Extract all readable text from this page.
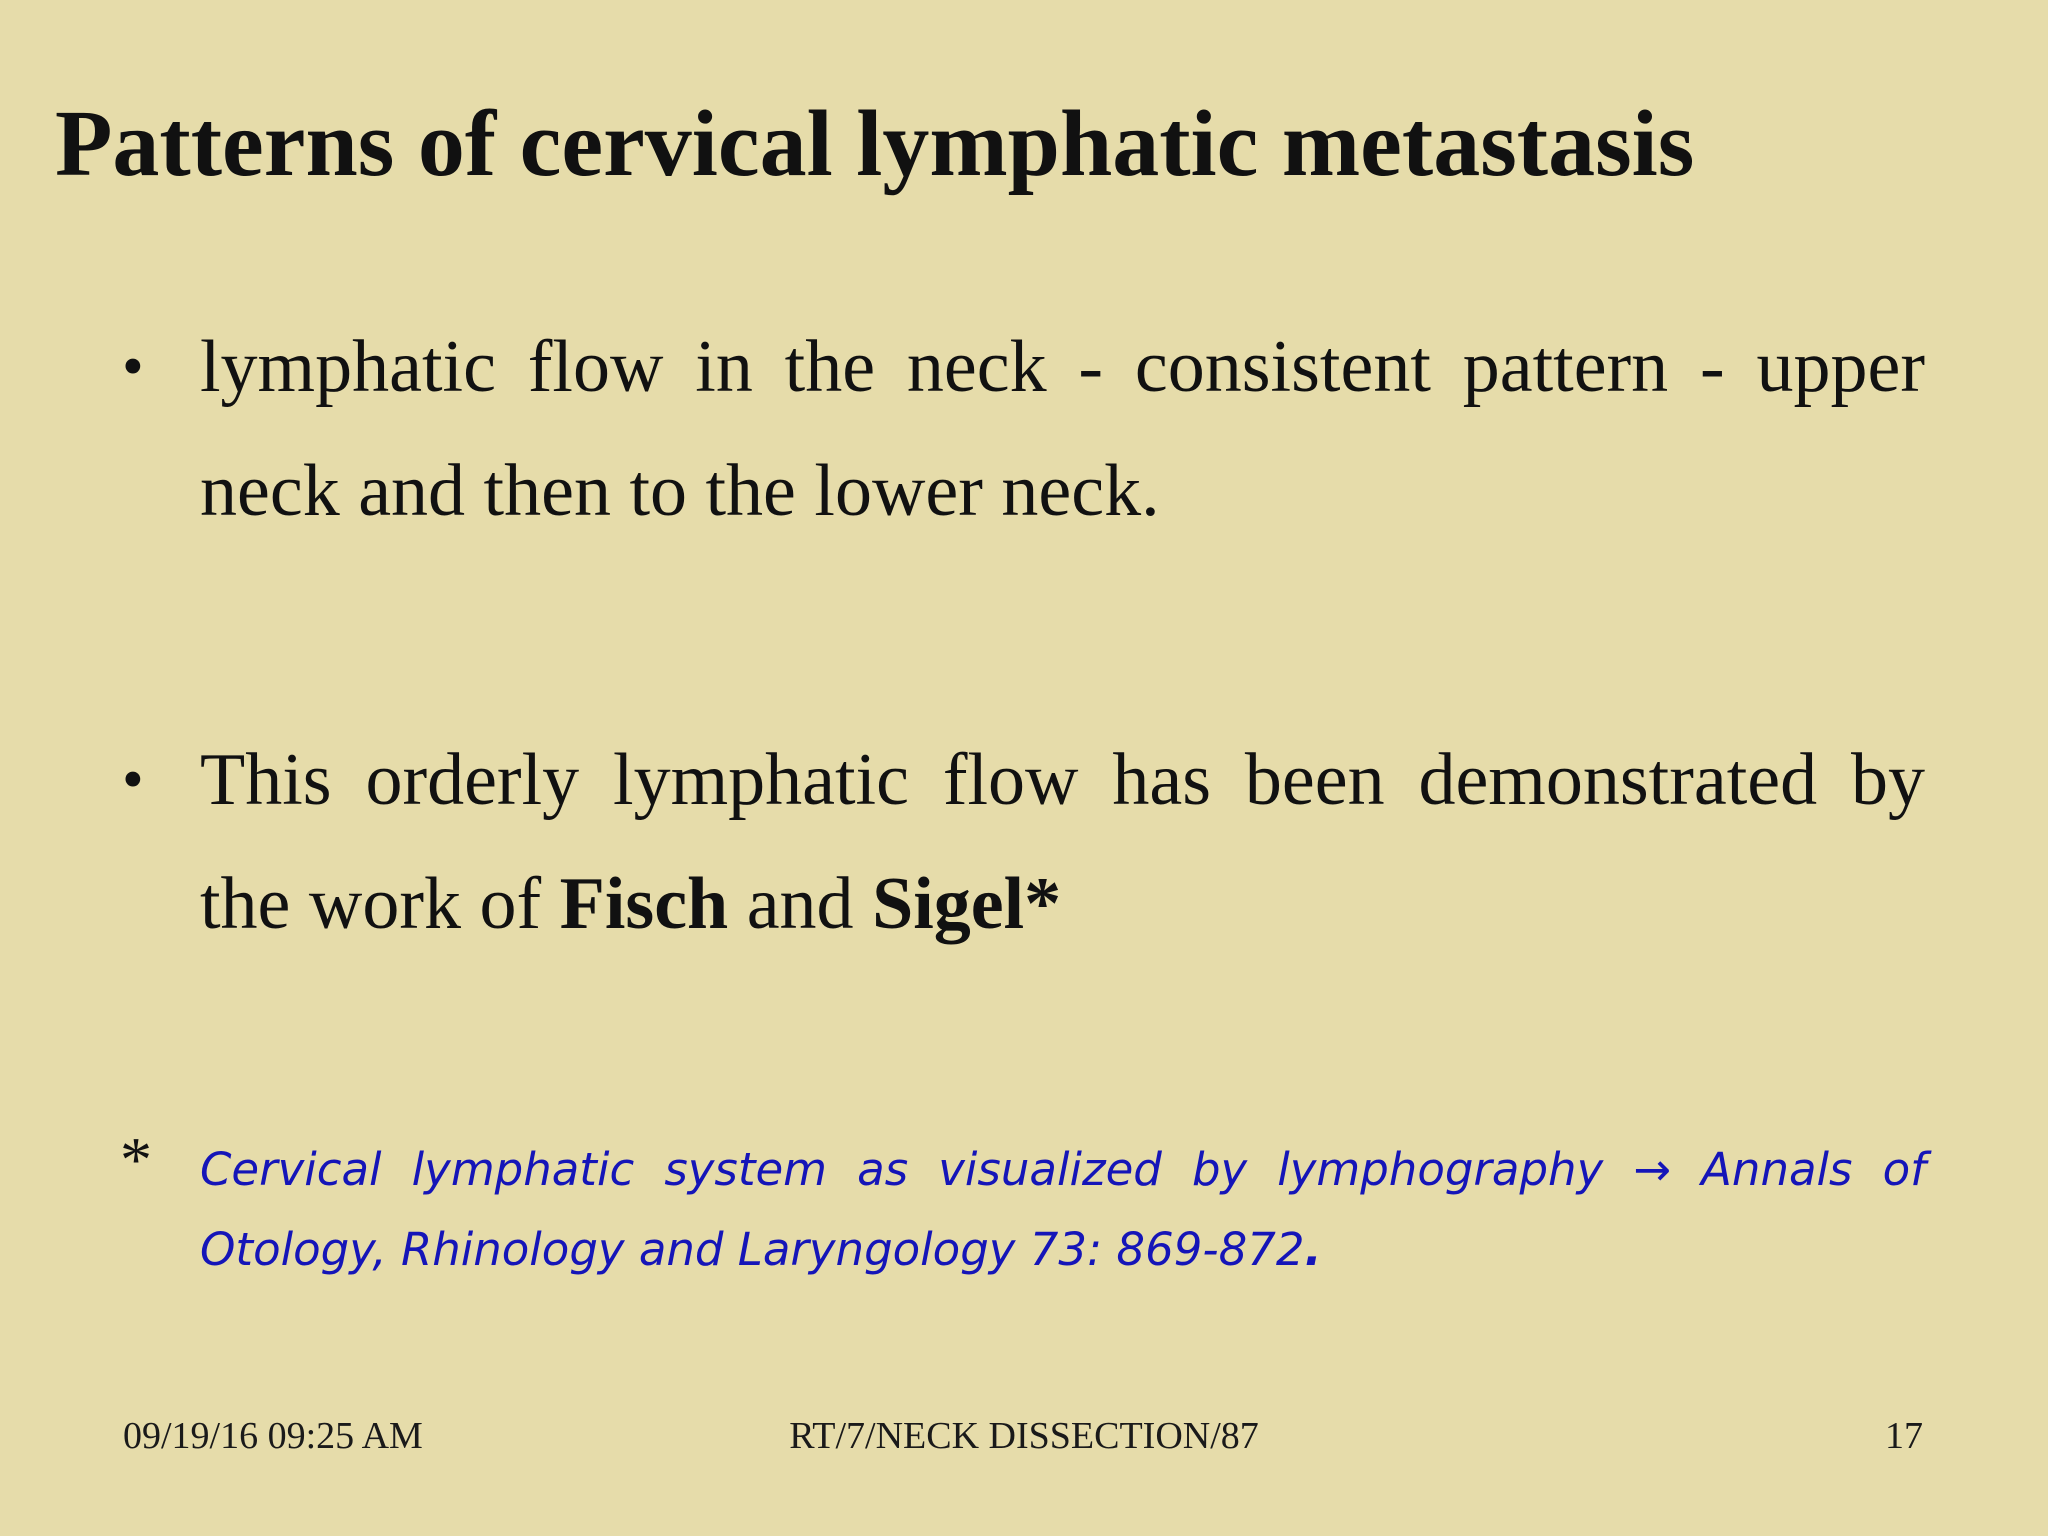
Patterns of cervical lymphatic metastasis
• lymphatic flow in the neck - consistent pattern - upper neck and then to the lower neck.
• This orderly lymphatic flow has been demonstrated by the work of Fisch and Sigel*
* Cervical lymphatic system as visualized by lymphography → Annals of Otology, Rhinology and Laryngology 73: 869-872.
09/19/16 09:25 AM	RT/7/NECK DISSECTION/87	17
